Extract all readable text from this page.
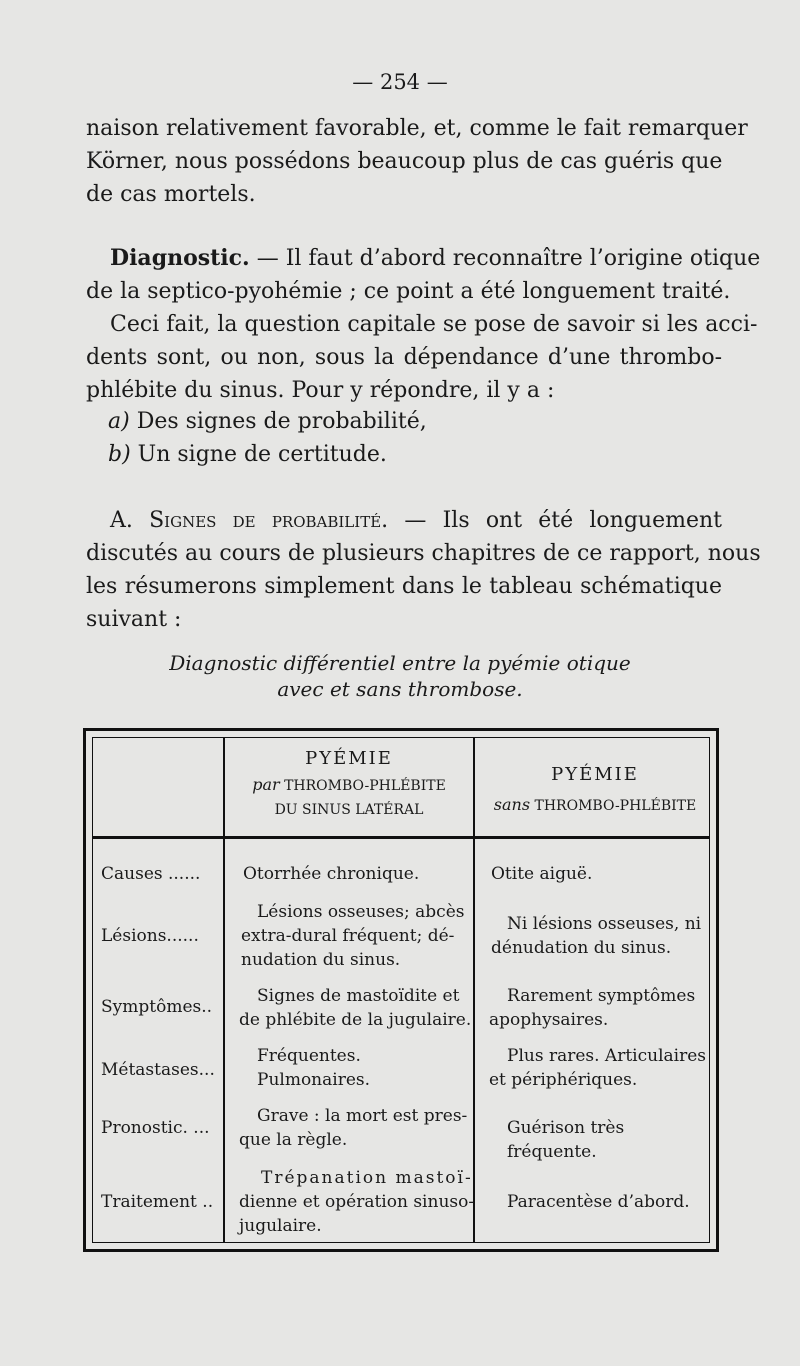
— 254 —
naison relativement favorable, et, comme le fait remarquer
Körner, nous possédons beaucoup plus de cas guéris que
de cas mortels.
Diagnostic. — Il faut d’abord reconnaître l’origine otique
de la septico-pyohémie ; ce point a été longuement traité.
Ceci fait, la question capitale se pose de savoir si les acci-
dents sont, ou non, sous la dépendance d’une thrombo-
phlébite du sinus. Pour y répondre, il y a :
a) Des signes de probabilité,
b) Un signe de certitude.
A. Signes de probabilité. — Ils ont été longuement
discutés au cours de plusieurs chapitres de ce rapport, nous
les résumerons simplement dans le tableau schématique
suivant :
Diagnostic différentiel entre la pyémie otique
avec et sans thrombose.
PYÉMIE
par THROMBO-PHLÉBITE
DU SINUS LATÉRAL
PYÉMIE
sans THROMBO-PHLÉBITE
Causes ......	Otorrhée chronique.	Otite aiguë.
Lésions......
Lésions osseuses; abcès
extra-dural fréquent; dé-
nudation du sinus.
Ni lésions osseuses, ni
dénudation du sinus.
Symptômes..
Signes de mastoïdite et
de phlébite de la jugulaire.
Rarement symptômes
apophysaires.
Métastases...
Fréquentes.
Pulmonaires.
Plus rares. Articulaires
et périphériques.
Pronostic. ...
Grave : la mort est pres-
que la règle.
Guérison très fréquente.
Traitement ..
Trépanation mastoï-
dienne et opération sinuso-
jugulaire.
Paracentèse d’abord.
